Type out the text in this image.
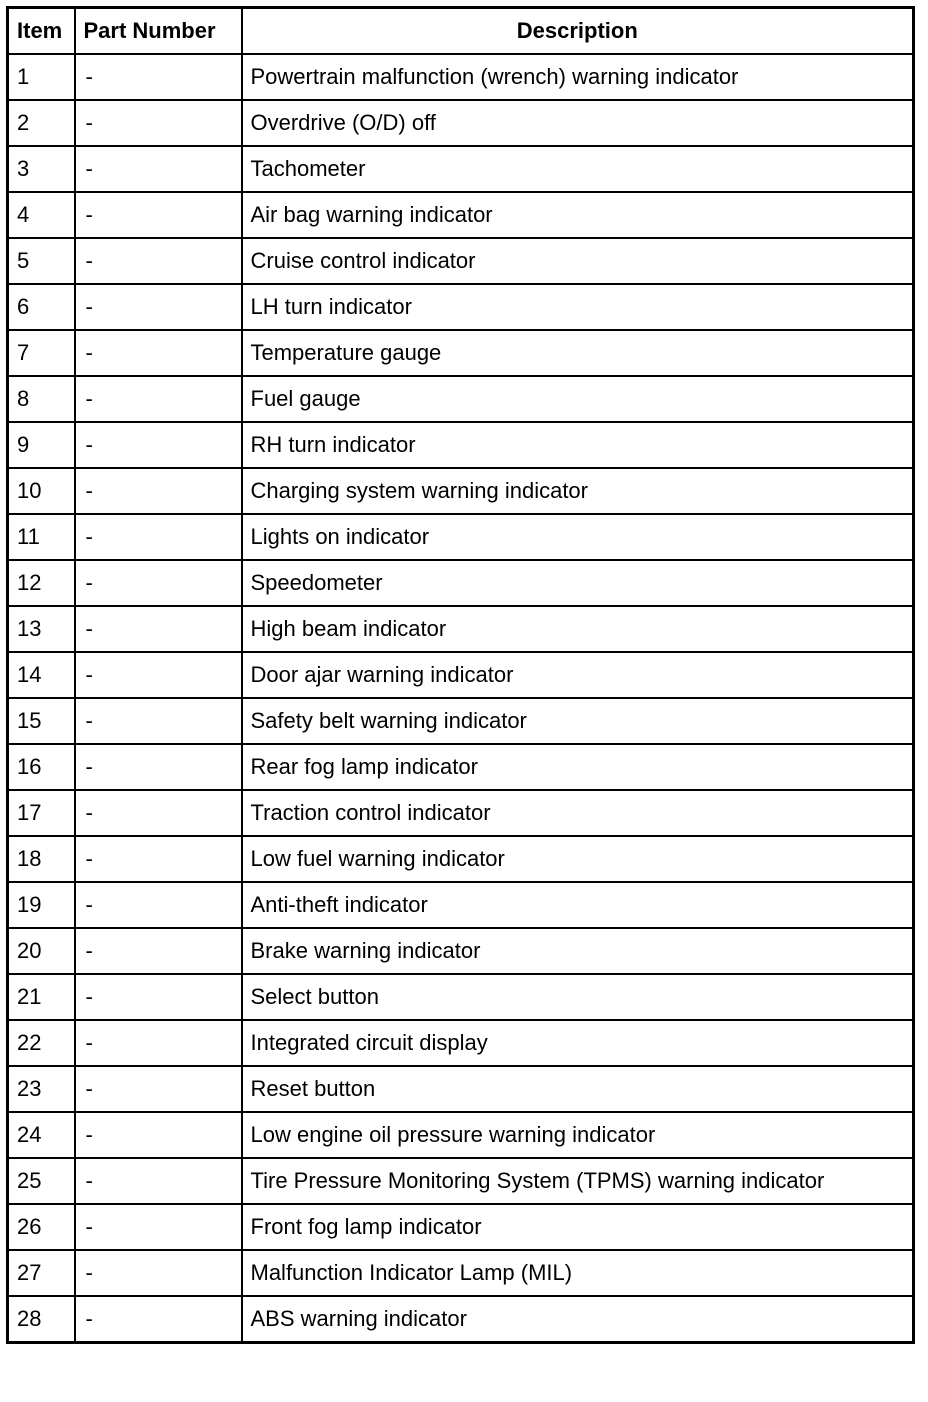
Item	Part Number	Description
1	-	Powertrain malfunction (wrench) warning indicator
2	-	Overdrive (O/D) off
3	-	Tachometer
4	-	Air bag warning indicator
5	-	Cruise control indicator
6	-	LH turn indicator
7	-	Temperature gauge
8	-	Fuel gauge
9	-	RH turn indicator
10	-	Charging system warning indicator
11	-	Lights on indicator
12	-	Speedometer
13	-	High beam indicator
14	-	Door ajar warning indicator
15	-	Safety belt warning indicator
16	-	Rear fog lamp indicator
17	-	Traction control indicator
18	-	Low fuel warning indicator
19	-	Anti-theft indicator
20	-	Brake warning indicator
21	-	Select button
22	-	Integrated circuit display
23	-	Reset button
24	-	Low engine oil pressure warning indicator
25	-	Tire Pressure Monitoring System (TPMS) warning indicator
26	-	Front fog lamp indicator
27	-	Malfunction Indicator Lamp (MIL)
28	-	ABS warning indicator
